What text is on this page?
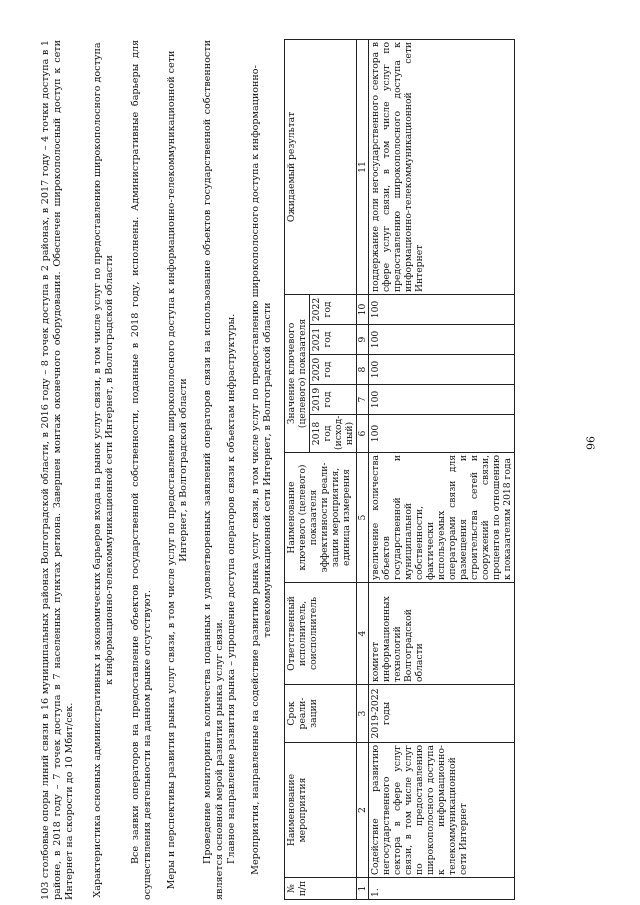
96

103 столбовые опоры линий связи в 16 муниципальных районах Волгоградской области, в 2016 году – 8 точек доступа в 2 районах, в 2017 году – 4 точки доступа в 1 районе, в 2018 году – 7 точек доступа в 7 населенных пунктах региона. Завершен монтаж оконечного оборудования. Обеспечен широкополосный доступ к сети Интернет на скорости до 10 Мбит/сек. Характеристика основных административных и экономических барьеров входа на рынок услуг связи, в том числе услуг по предоставлению широкополосного доступа к информационно-телекоммуникационной сети Интернет, в Волгоградской области Все заявки операторов на предоставление объектов государственной собственности, поданные в 2018 году, исполнены. Административные барьеры для осуществления деятельности на данном рынке отсутствуют. Меры и перспективы развития рынка услуг связи, в том числе услуг по предоставлению широкополосного доступа к информационно-телекоммуникационной сети Интернет, в Волгоградской области Проведение мониторинга количества поданных и удовлетворенных заявлений операторов связи на использование объектов государственной собственности является основной мерой развития рынка услуг связи. Главное направление развития рынка – упрощение доступа операторов связи к объектам инфраструктуры. Мероприятия, направленные на содействие развитию рынка услуг связи, в том числе услуг по предоставлению широкополосного доступа к информационно-телекоммуникационной сети Интернет, в Волгоградской области

№ п/п	Наименование мероприятия	Срок реали-зации	Ответственный исполнитель, соисполнитель	Наименование ключевого (целевого) показателя эффективности реали-зации мероприятия, единица измерения	Значение ключевого (целевого) показателя					Ожидаемый результат
					2018 год (исход-ный)	2019 год	2020 год	2021 год	2022 год	
1	2	3	4	5	6	7	8	9	10	11
1.	Содействие развитию негосударственного сектора в сфере услуг связи, в том числе услуг по предоставлению широкополосного доступа к информационно-телекоммуникационной сети Интернет	2019-2022 годы	комитет информационных технологий Волгоградской области	увеличение количества объектов государственной и муниципальной собственности, фактически используемых операторами связи для размещения и строительства сетей и сооружений связи, процентов по отношению к показателям 2018 года	100	100	100	100	100	поддержание доли негосударственного сектора в сфере услуг связи, в том числе услуг по предоставлению широкополосного доступа к информационно-телекоммуникационной сети Интернет
